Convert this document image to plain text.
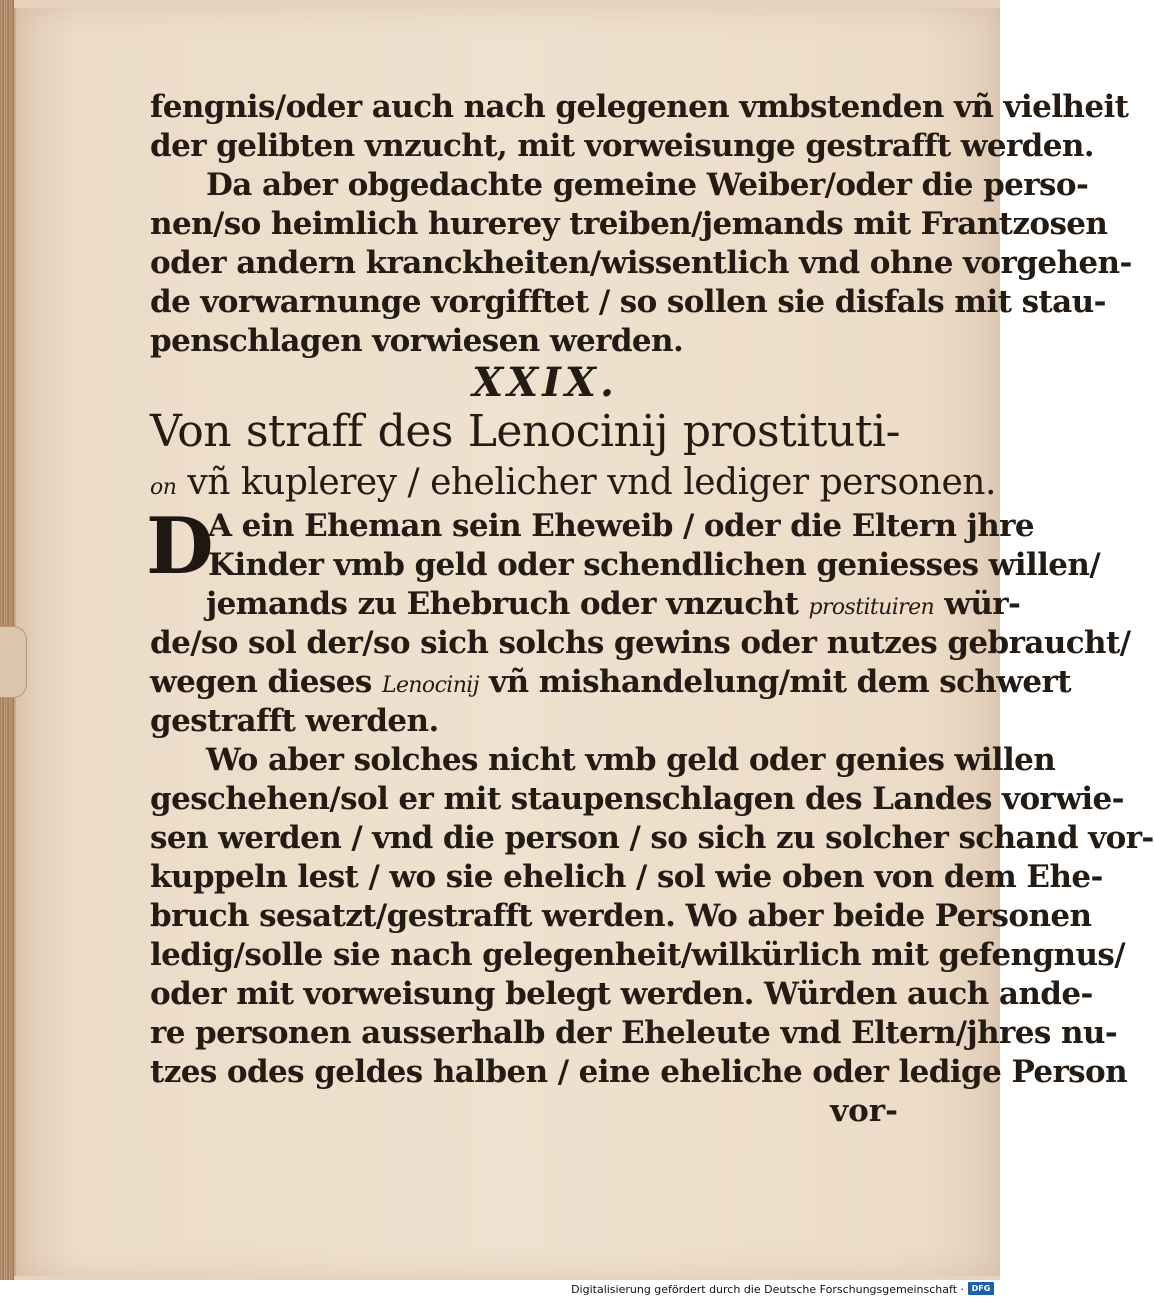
fengnis/oder auch nach gelegenen vmbstenden vñ vielheit
der gelibten vnzucht, mit vorweisunge gestrafft werden.
Da aber obgedachte gemeine Weiber/oder die perso-
nen/so heimlich hurerey treiben/jemands mit Frantzosen
oder andern kranckheiten/wissentlich vnd ohne vorgehen-
de vorwarnunge vorgifftet / so sollen sie disfals mit stau-
penschlagen vorwiesen werden.
XXIX.
Von straff des Lenocinij prostituti-
on vñ kuplerey / ehelicher vnd lediger personen.
D
A ein Eheman sein Eheweib / oder die Eltern jhre
Kinder vmb geld oder schendlichen geniesses willen/
jemands zu Ehebruch oder vnzucht prostituiren wür-
de/so sol der/so sich solchs gewins oder nutzes gebraucht/
wegen dieses Lenocinij vñ mishandelung/mit dem schwert
gestrafft werden.
Wo aber solches nicht vmb geld oder genies willen
geschehen/sol er mit staupenschlagen des Landes vorwie-
sen werden / vnd die person / so sich zu solcher schand vor-
kuppeln lest / wo sie ehelich / sol wie oben von dem Ehe-
bruch sesatzt/gestrafft werden. Wo aber beide Personen
ledig/solle sie nach gelegenheit/wilkürlich mit gefengnus/
oder mit vorweisung belegt werden. Würden auch ande-
re personen ausserhalb der Eheleute vnd Eltern/jhres nu-
tzes odes geldes halben / eine eheliche oder ledige Person
vor-
Digitalisierung gefördert durch die Deutsche Forschungsgemeinschaft · DFG
